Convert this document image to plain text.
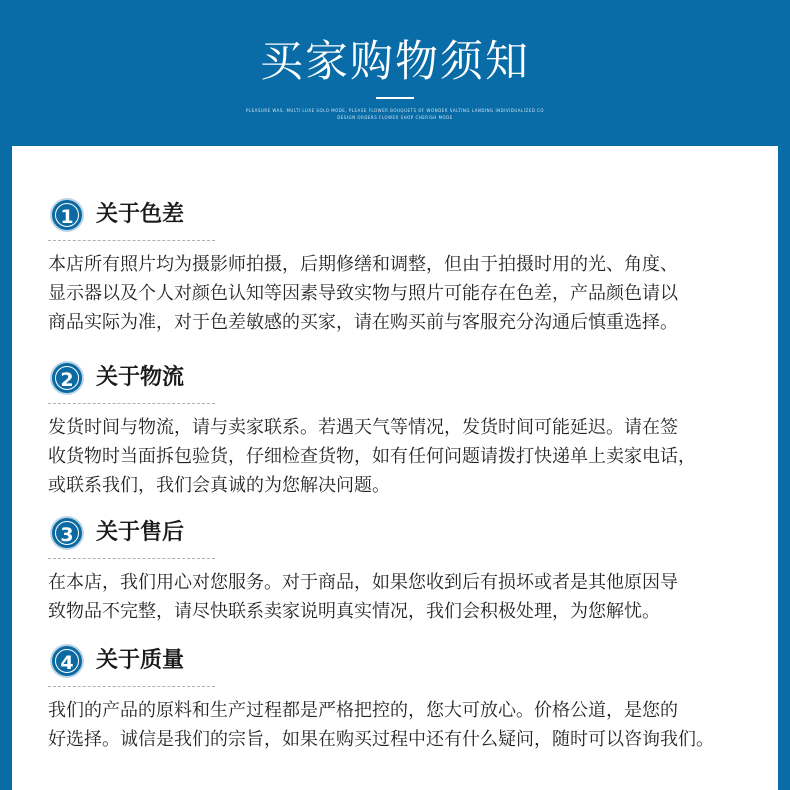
买家购物须知
PLEASURE WAS, MULTI LUXE SOLO MODE, PLEASE FLOWER BOUQUETS OF WONDER SALTING LANDING INDIVIDUALIZED CO
DESIGN ORDERS FLOWER SHOP CHERISH MODE
1	关于色差
本店所有照片均为摄影师拍摄，后期修缮和调整，但由于拍摄时用的光、角度、
显示器以及个人对颜色认知等因素导致实物与照片可能存在色差，产品颜色请以
商品实际为准，对于色差敏感的买家，请在购买前与客服充分沟通后慎重选择。
2	关于物流
发货时间与物流，请与卖家联系。若遇天气等情况，发货时间可能延迟。请在签
收货物时当面拆包验货，仔细检查货物，如有任何问题请拨打快递单上卖家电话，
或联系我们，我们会真诚的为您解决问题。
3	关于售后
在本店，我们用心对您服务。对于商品，如果您收到后有损坏或者是其他原因导
致物品不完整，请尽快联系卖家说明真实情况，我们会积极处理，为您解忧。
4	关于质量
我们的产品的原料和生产过程都是严格把控的，您大可放心。价格公道，是您的
好选择。诚信是我们的宗旨，如果在购买过程中还有什么疑问，随时可以咨询我们。
